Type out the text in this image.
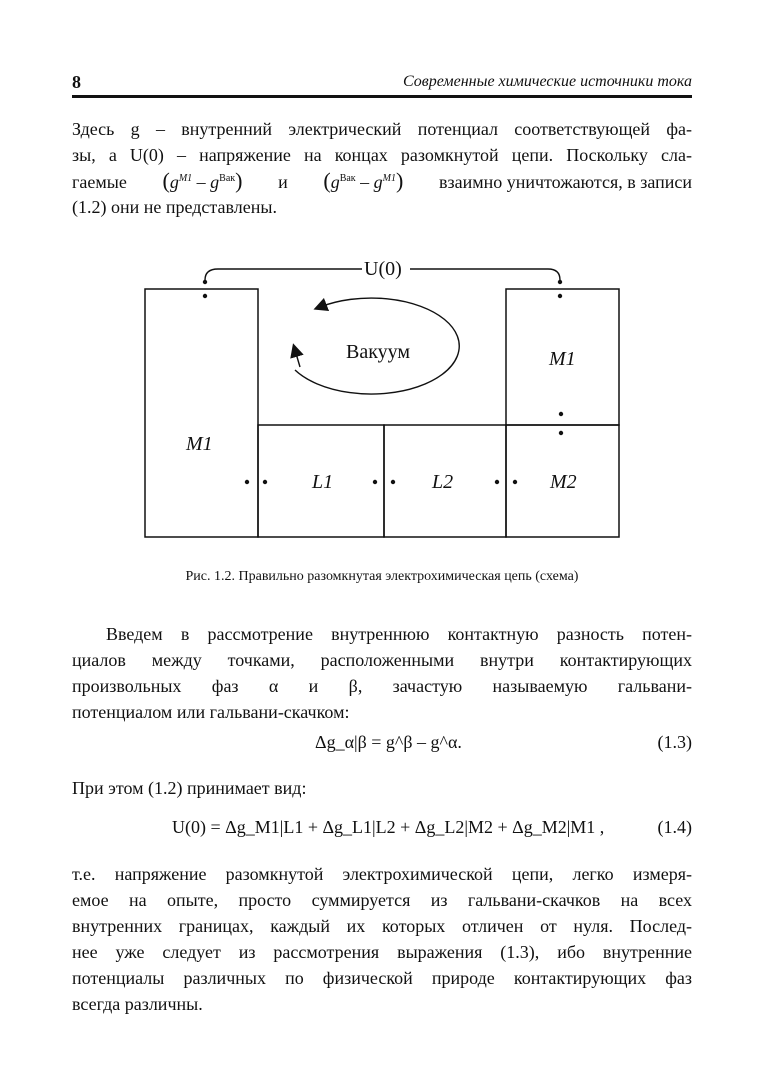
8	Современные химические источники тока
Здесь g – внутренний электрический потенциал соответствующей фа-
зы, а U(0) – напряжение на концах разомкнутой цепи. Поскольку сла-
гаемые $(g^{M1} - g^{Вак})$ и $(g^{Вак} - g^{M1})$ взаимно уничтожаются, в записи
(1.2) они не представлены.
U(0)
Вакуум
M1
M1
L1	L2	M2
Рис. 1.2. Правильно разомкнутая электрохимическая цепь (схема)
Введем в рассмотрение внутреннюю контактную разность потен-
циалов между точками, расположенными внутри контактирующих
произвольных фаз α и β, зачастую называемую гальвани-
потенциалом или гальвани-скачком:
Δg_α|β = g^β – g^α.	(1.3)
При этом (1.2) принимает вид:
U(0) = Δg_M1|L1 + Δg_L1|L2 + Δg_L2|M2 + Δg_M2|M1 ,	(1.4)
т.е. напряжение разомкнутой электрохимической цепи, легко измеря-
емое на опыте, просто суммируется из гальвани-скачков на всех
внутренних границах, каждый их которых отличен от нуля. Послед-
нее уже следует из рассмотрения выражения (1.3), ибо внутренние
потенциалы различных по физической природе контактирующих фаз
всегда различны.
